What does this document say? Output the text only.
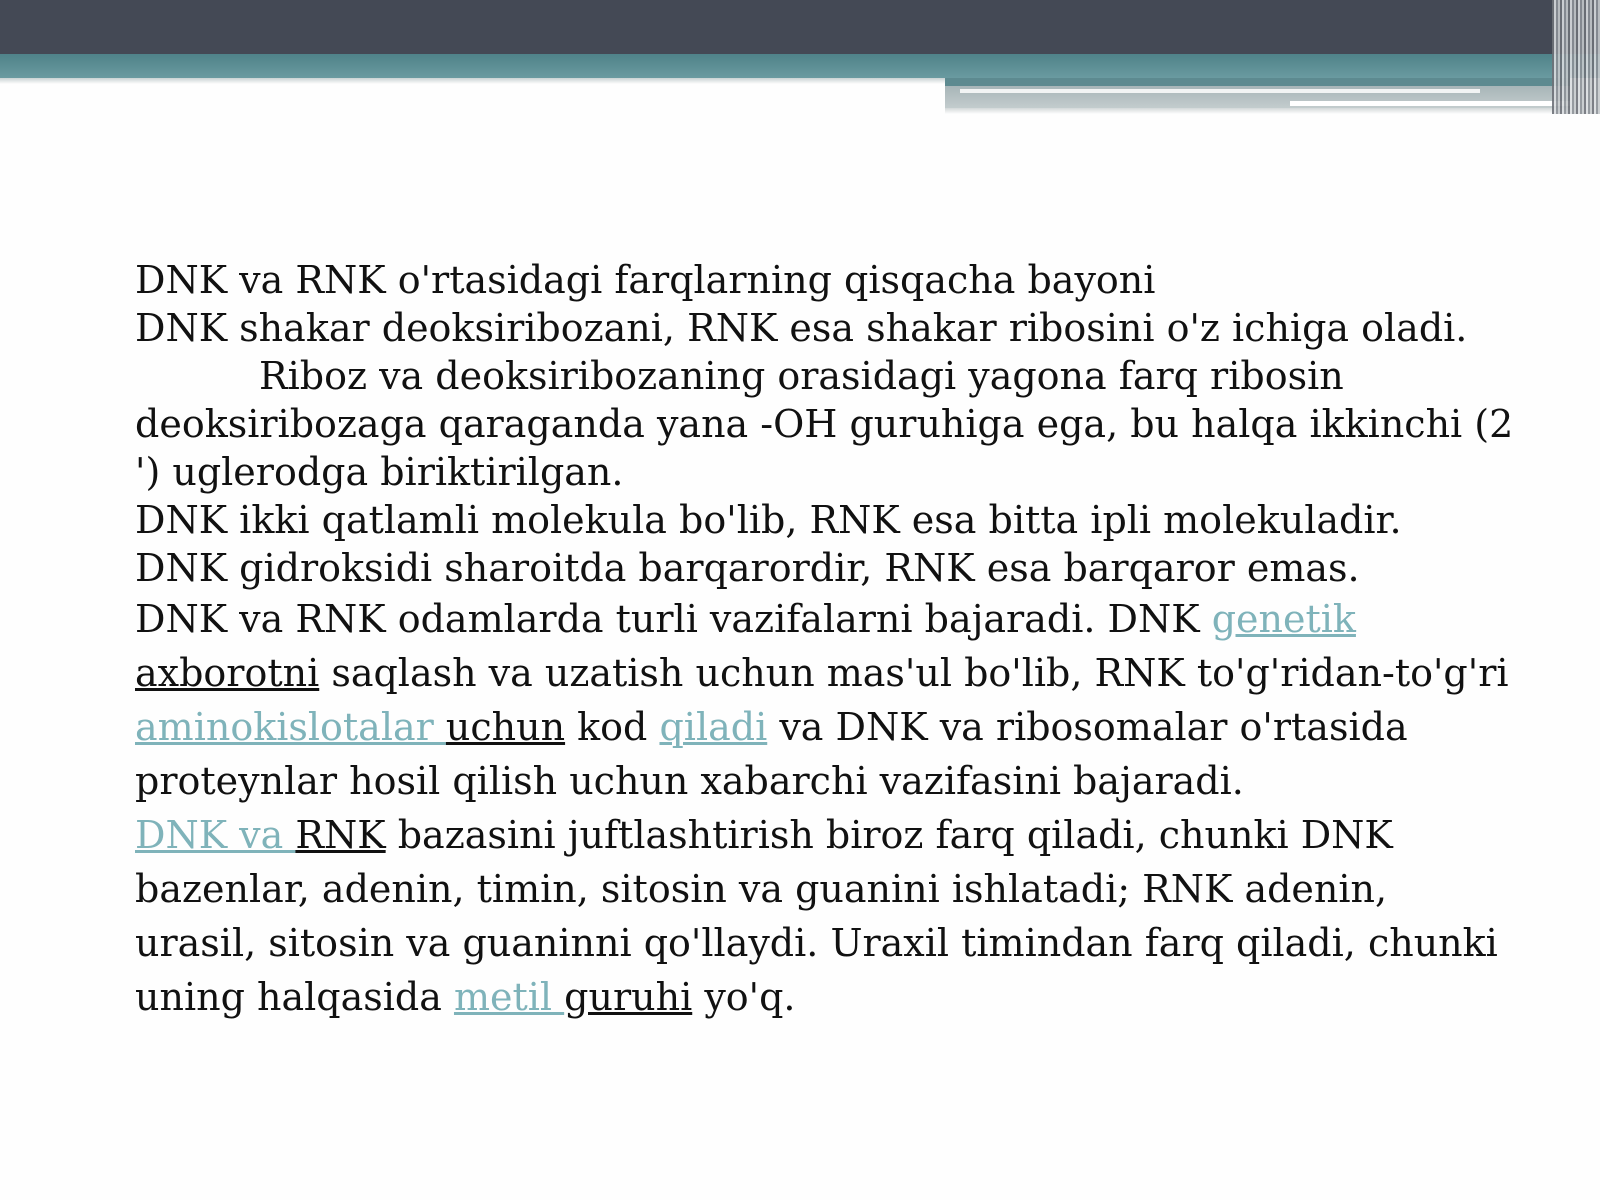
DNK va RNK o'rtasidagi farqlarning qisqacha bayoni

DNK shakar deoksiribozani, RNK esa shakar ribosini o'z ichiga oladi.

Riboz va deoksiribozaning orasidagi yagona farq ribosin

deoksiribozaga qaraganda yana -OH guruhiga ega, bu halqa ikkinchi (2 ') uglerodga biriktirilgan.

DNK ikki qatlamli molekula bo'lib, RNK esa bitta ipli molekuladir.

DNK gidroksidi sharoitda barqarordir, RNK esa barqaror emas.

DNK va RNK odamlarda turli vazifalarni bajaradi. DNK genetik axborotni saqlash va uzatish uchun mas'ul bo'lib, RNK to'g'ridan-to'g'ri aminokislotalar uchun kod qiladi va DNK va ribosomalar o'rtasida proteynlar hosil qilish uchun xabarchi vazifasini bajaradi.

DNK va RNK bazasini juftlashtirish biroz farq qiladi, chunki DNK bazenlar, adenin, timin, sitosin va guanini ishlatadi; RNK adenin, urasil, sitosin va guaninni qo'llaydi. Uraxil timindan farq qiladi, chunki uning halqasida metil guruhi yo'q.
